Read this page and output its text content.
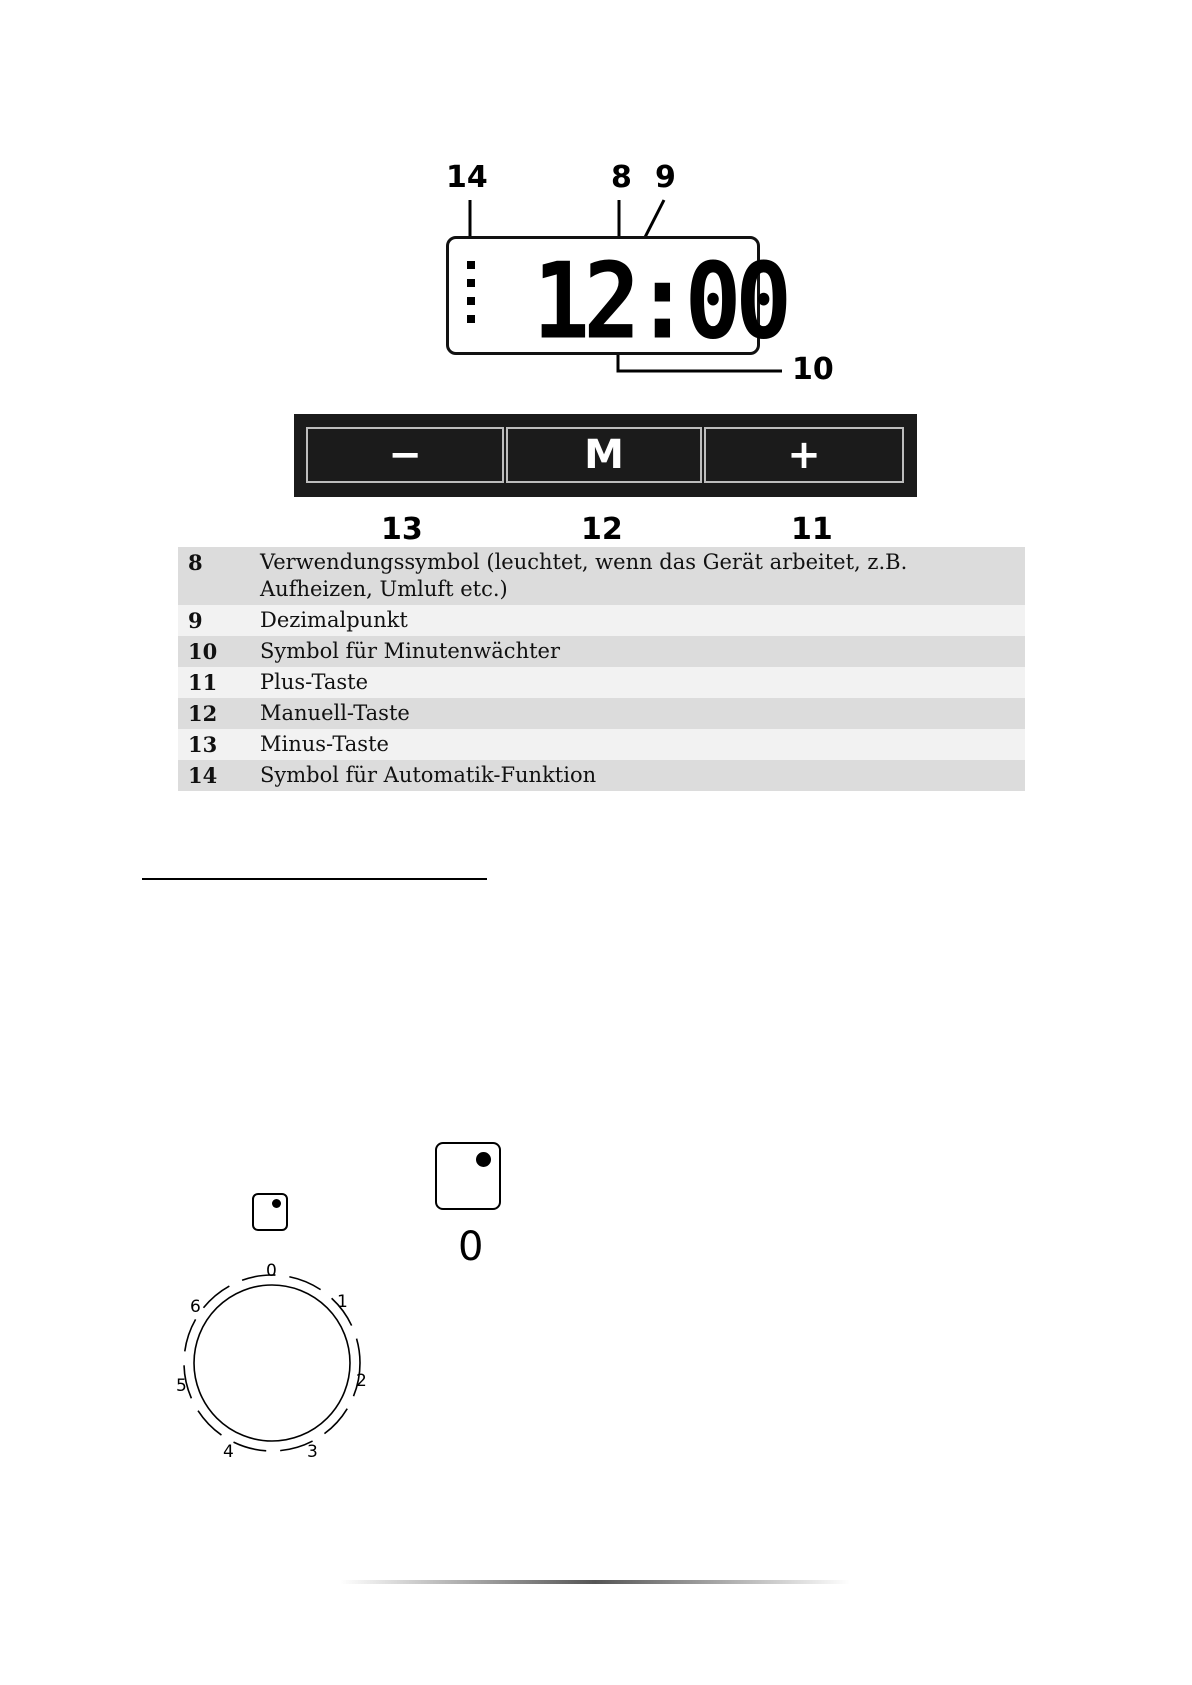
14	8 9
10
12:00
−	M	+
13	12	11
8	Verwendungssymbol (leuchtet, wenn das Gerät arbeitet, z.B. Aufheizen, Umluft etc.)
9	Dezimalpunkt
10	Symbol für Minutenwächter
11	Plus-Taste
12	Manuell-Taste
13	Minus-Taste
14	Symbol für Automatik-Funktion
0
0
1
2
3
4
5
6
